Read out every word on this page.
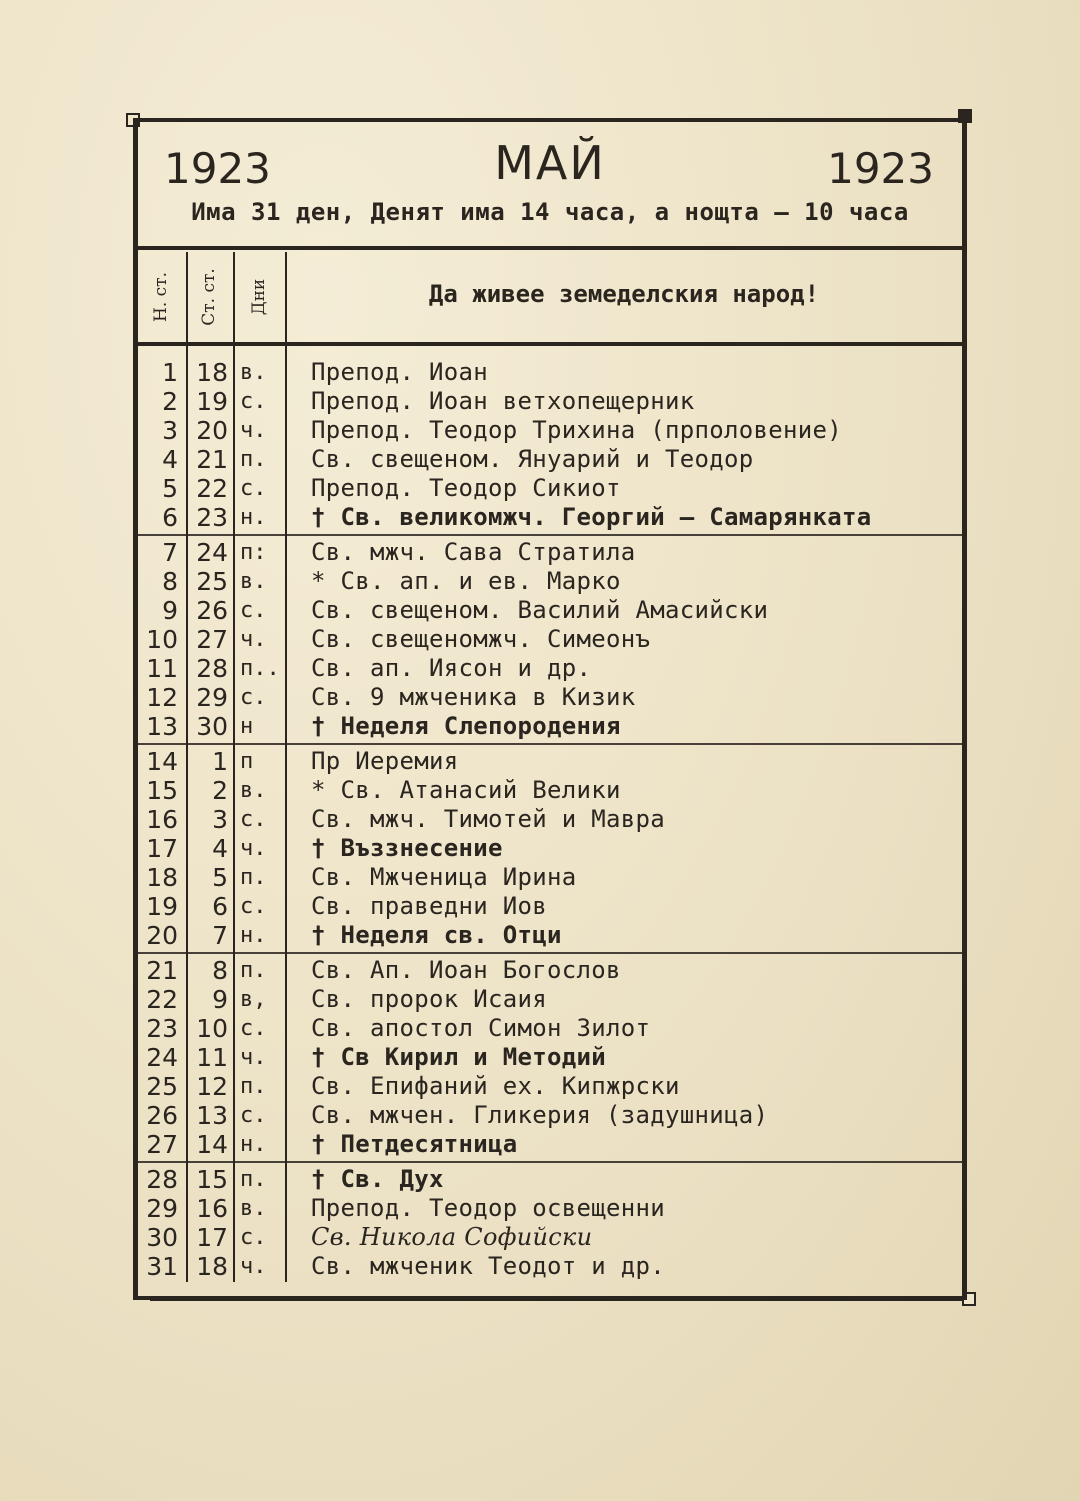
1923	МАЙ	1923
Има 31 ден, Денят има 14 часа, а нощта — 10 часа
Н. ст. Ст. ст. Дни	Да живее земеделския народ!
1 18 в.	Препод. Иоан
2 19 с.	Препод. Иоан ветхопещерник
3 20 ч.	Препод. Теодор Трихина (прполовение)
4 21 п.	Св. свещеном. Януарий и Теодор
5 22 с.	Препод. Теодор Сикиот
6 23 н.	† Св. великомжч. Георгий — Самарянката
7 24 п:	Св. мжч. Сава Стратила
8 25 в.	* Св. ап. и ев. Марко
9 26 с.	Св. свещеном. Василий Амасийски
10 27 ч.	Св. свещеномжч. Симеонъ
11 28 п.. Св. ап. Иясон и др.
12 29 с.	Св. 9 мжченика в Кизик
13 30 н	† Неделя Слепородения
14	1 п	Пр Иеремия
15	2 в.	* Св. Атанасий Велики
16	3 с.	Св. мжч. Тимотей и Мавра
17	4 ч.	† Въззнесение
18	5 п.	Св. Мжченица Ирина
19	6 с.	Св. праведни Иов
20	7 н.	† Неделя св. Отци
21	8 п.	Св. Ап. Иоан Богослов
22	9 в,	Св. пророк Исаия
23 10 с.	Св. апостол Симон Зилот
24 11 ч.	† Св Кирил и Методий
25 12 п.	Св. Епифаний ех. Кипжрски
26 13 с.	Св. мжчен. Гликерия (задушница)
27 14 н.	† Петдесятница
28 15 п.	† Св. Дух
29 16 в.	Препод. Теодор освещенни
30 17 с.	Св. Никола Софийски
31 18 ч.	Св. мжченик Теодот и др.
